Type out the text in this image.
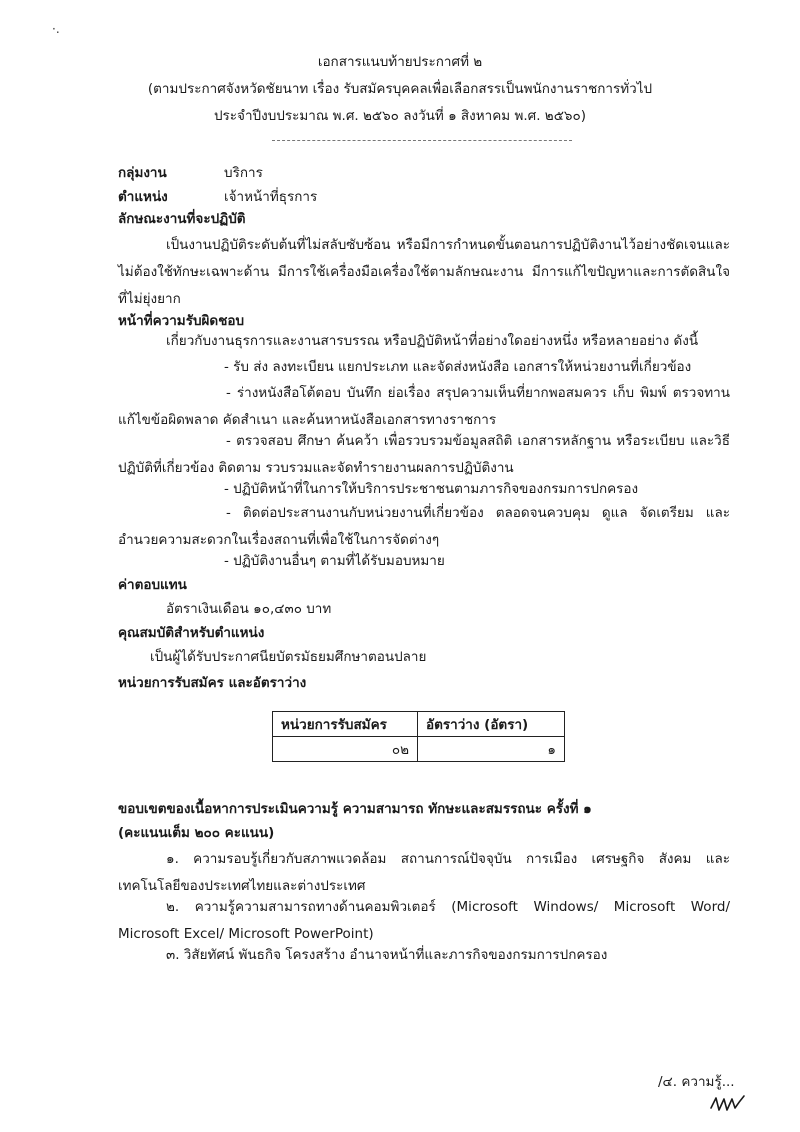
·.
เอกสารแนบท้ายประกาศที่ ๒
(ตามประกาศจังหวัดชัยนาท เรื่อง รับสมัครบุคคลเพื่อเลือกสรรเป็นพนักงานราชการทั่วไป
ประจำปีงบประมาณ พ.ศ. ๒๕๖๐ ลงวันที่ ๑ สิงหาคม พ.ศ. ๒๕๖๐)
กลุ่มงาน	บริการ
ตำแหน่ง	เจ้าหน้าที่ธุรการ
ลักษณะงานที่จะปฏิบัติ
เป็นงานปฏิบัติระดับต้นที่ไม่สลับซับซ้อน หรือมีการกำหนดขั้นตอนการปฏิบัติงานไว้อย่างชัดเจนและไม่ต้องใช้ทักษะเฉพาะด้าน มีการใช้เครื่องมือเครื่องใช้ตามลักษณะงาน มีการแก้ไขปัญหาและการตัดสินใจที่ไม่ยุ่งยาก
หน้าที่ความรับผิดชอบ
เกี่ยวกับงานธุรการและงานสารบรรณ หรือปฏิบัติหน้าที่อย่างใดอย่างหนึ่ง หรือหลายอย่าง ดังนี้
- รับ ส่ง ลงทะเบียน แยกประเภท และจัดส่งหนังสือ เอกสารให้หน่วยงานที่เกี่ยวข้อง
- ร่างหนังสือโต้ตอบ บันทึก ย่อเรื่อง สรุปความเห็นที่ยากพอสมควร เก็บ พิมพ์ ตรวจทาน แก้ไขข้อผิดพลาด คัดสำเนา และค้นหาหนังสือเอกสารทางราชการ
- ตรวจสอบ ศึกษา ค้นคว้า เพื่อรวบรวมข้อมูลสถิติ เอกสารหลักฐาน หรือระเบียบ และวิธีปฏิบัติที่เกี่ยวข้อง ติดตาม รวบรวมและจัดทำรายงานผลการปฏิบัติงาน
- ปฏิบัติหน้าที่ในการให้บริการประชาชนตามภารกิจของกรมการปกครอง
- ติดต่อประสานงานกับหน่วยงานที่เกี่ยวข้อง ตลอดจนควบคุม ดูแล จัดเตรียม และอำนวยความสะดวกในเรื่องสถานที่เพื่อใช้ในการจัดต่างๆ
- ปฏิบัติงานอื่นๆ ตามที่ได้รับมอบหมาย
ค่าตอบแทน
อัตราเงินเดือน ๑๐,๔๓๐ บาท
คุณสมบัติสำหรับตำแหน่ง
เป็นผู้ได้รับประกาศนียบัตรมัธยมศึกษาตอนปลาย
หน่วยการรับสมัคร และอัตราว่าง
หน่วยการรับสมัคร	อัตราว่าง (อัตรา)
๐๒	๑
ขอบเขตของเนื้อหาการประเมินความรู้ ความสามารถ ทักษะและสมรรถนะ ครั้งที่ ๑
(คะแนนเต็ม ๒๐๐ คะแนน)
๑. ความรอบรู้เกี่ยวกับสภาพแวดล้อม สถานการณ์ปัจจุบัน การเมือง เศรษฐกิจ สังคม และเทคโนโลยีของประเทศไทยและต่างประเทศ
๒. ความรู้ความสามารถทางด้านคอมพิวเตอร์ (Microsoft Windows/ Microsoft Word/ Microsoft Excel/ Microsoft PowerPoint)
๓. วิสัยทัศน์ พันธกิจ โครงสร้าง อำนาจหน้าที่และภารกิจของกรมการปกครอง
/๔. ความรู้...
